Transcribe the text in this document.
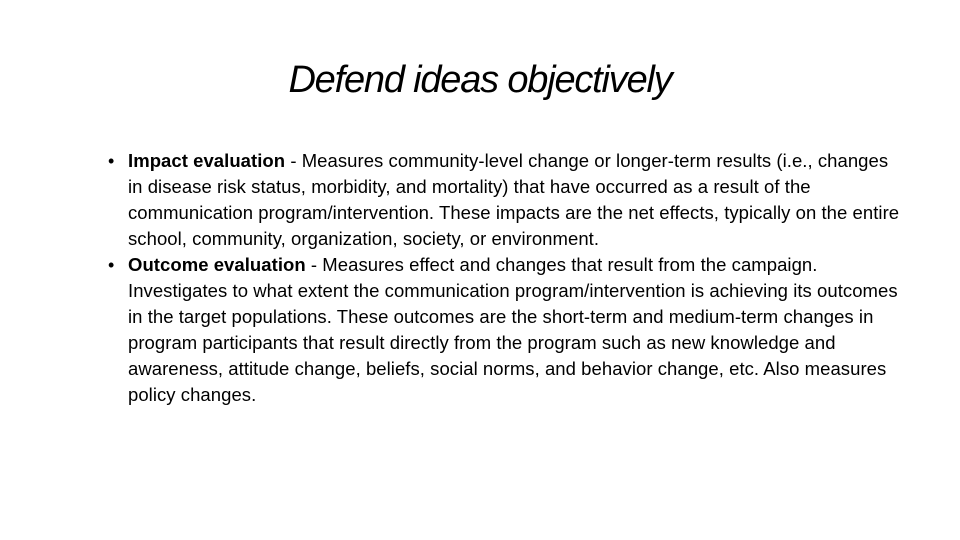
Defend ideas objectively
• Impact evaluation - Measures community-level change or longer-term results (i.e., changes in disease risk status, morbidity, and mortality) that have occurred as a result of the communication program/intervention. These impacts are the net effects, typically on the entire school, community, organization, society, or environment.
• Outcome evaluation - Measures effect and changes that result from the campaign. Investigates to what extent the communication program/intervention is achieving its outcomes in the target populations. These outcomes are the short-term and medium-term changes in program participants that result directly from the program such as new knowledge and awareness, attitude change, beliefs, social norms, and behavior change, etc. Also measures policy changes.
